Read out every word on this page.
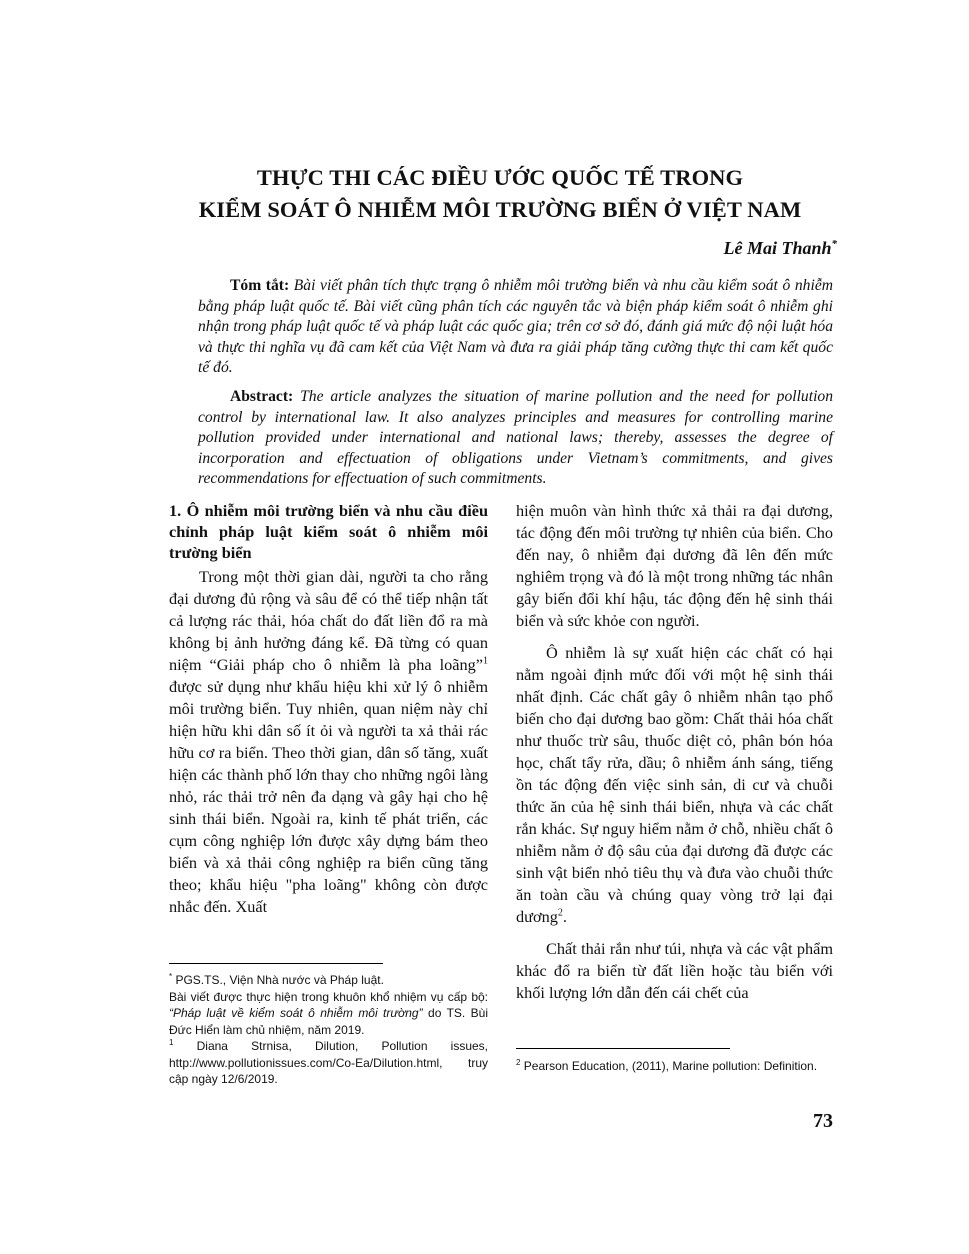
THỰC THI CÁC ĐIỀU ƯỚC QUỐC TẾ TRONG
KIỂM SOÁT Ô NHIỄM MÔI TRƯỜNG BIỂN Ở VIỆT NAM
Lê Mai Thanh*
Tóm tắt: Bài viết phân tích thực trạng ô nhiễm môi trường biển và nhu cầu kiểm soát ô nhiễm bằng pháp luật quốc tế. Bài viết cũng phân tích các nguyên tắc và biện pháp kiểm soát ô nhiễm ghi nhận trong pháp luật quốc tế và pháp luật các quốc gia; trên cơ sở đó, đánh giá mức độ nội luật hóa và thực thi nghĩa vụ đã cam kết của Việt Nam và đưa ra giải pháp tăng cường thực thi cam kết quốc tế đó.
Abstract: The article analyzes the situation of marine pollution and the need for pollution control by international law. It also analyzes principles and measures for controlling marine pollution provided under international and national laws; thereby, assesses the degree of incorporation and effectuation of obligations under Vietnam’s commitments, and gives recommendations for effectuation of such commitments.
1. Ô nhiễm môi trường biển và nhu cầu điều chỉnh pháp luật kiểm soát ô nhiễm môi trường biển

Trong một thời gian dài, người ta cho rằng đại dương đủ rộng và sâu để có thể tiếp nhận tất cả lượng rác thải, hóa chất do đất liền đổ ra mà không bị ảnh hưởng đáng kể. Đã từng có quan niệm “Giải pháp cho ô nhiễm là pha loãng”$^1$ được sử dụng như khẩu hiệu khi xử lý ô nhiễm môi trường biển. Tuy nhiên, quan niệm này chỉ hiện hữu khi dân số ít ỏi và người ta xả thải rác hữu cơ ra biển. Theo thời gian, dân số tăng, xuất hiện các thành phố lớn thay cho những ngôi làng nhỏ, rác thải trở nên đa dạng và gây hại cho hệ sinh thái biển. Ngoài ra, kinh tế phát triển, các cụm công nghiệp lớn được xây dựng bám theo biển và xả thải công nghiệp ra biển cũng tăng theo; khẩu hiệu "pha loãng" không còn được nhắc đến. Xuất

hiện muôn vàn hình thức xả thải ra đại dương, tác động đến môi trường tự nhiên của biển. Cho đến nay, ô nhiễm đại dương đã lên đến mức nghiêm trọng và đó là một trong những tác nhân gây biến đổi khí hậu, tác động đến hệ sinh thái biển và sức khỏe con người.

Ô nhiễm là sự xuất hiện các chất có hại nằm ngoài định mức đối với một hệ sinh thái nhất định. Các chất gây ô nhiễm nhân tạo phổ biến cho đại dương bao gồm: Chất thải hóa chất như thuốc trừ sâu, thuốc diệt cỏ, phân bón hóa học, chất tẩy rửa, dầu; ô nhiễm ánh sáng, tiếng ồn tác động đến việc sinh sản, di cư và chuỗi thức ăn của hệ sinh thái biển, nhựa và các chất rắn khác. Sự nguy hiểm nằm ở chỗ, nhiều chất ô nhiễm nằm ở độ sâu của đại dương đã được các sinh vật biển nhỏ tiêu thụ và đưa vào chuỗi thức ăn toàn cầu và chúng quay vòng trở lại đại dương$^2$.

Chất thải rắn như túi, nhựa và các vật phẩm khác đổ ra biển từ đất liền hoặc tàu biển với khối lượng lớn dẫn đến cái chết của

* PGS.TS., Viện Nhà nước và Pháp luật.

Bài viết được thực hiện trong khuôn khổ nhiệm vụ cấp bộ: “Pháp luật về kiểm soát ô nhiễm môi trường” do TS. Bùi Đức Hiển làm chủ nhiệm, năm 2019.

$^1$ Diana Strnisa, Dilution, Pollution issues, http://www.pollutionissues.com/Co-Ea/Dilution.html, truy cập ngày 12/6/2019.

$^2$ Pearson Education, (2011), Marine pollution: Definition.

73
